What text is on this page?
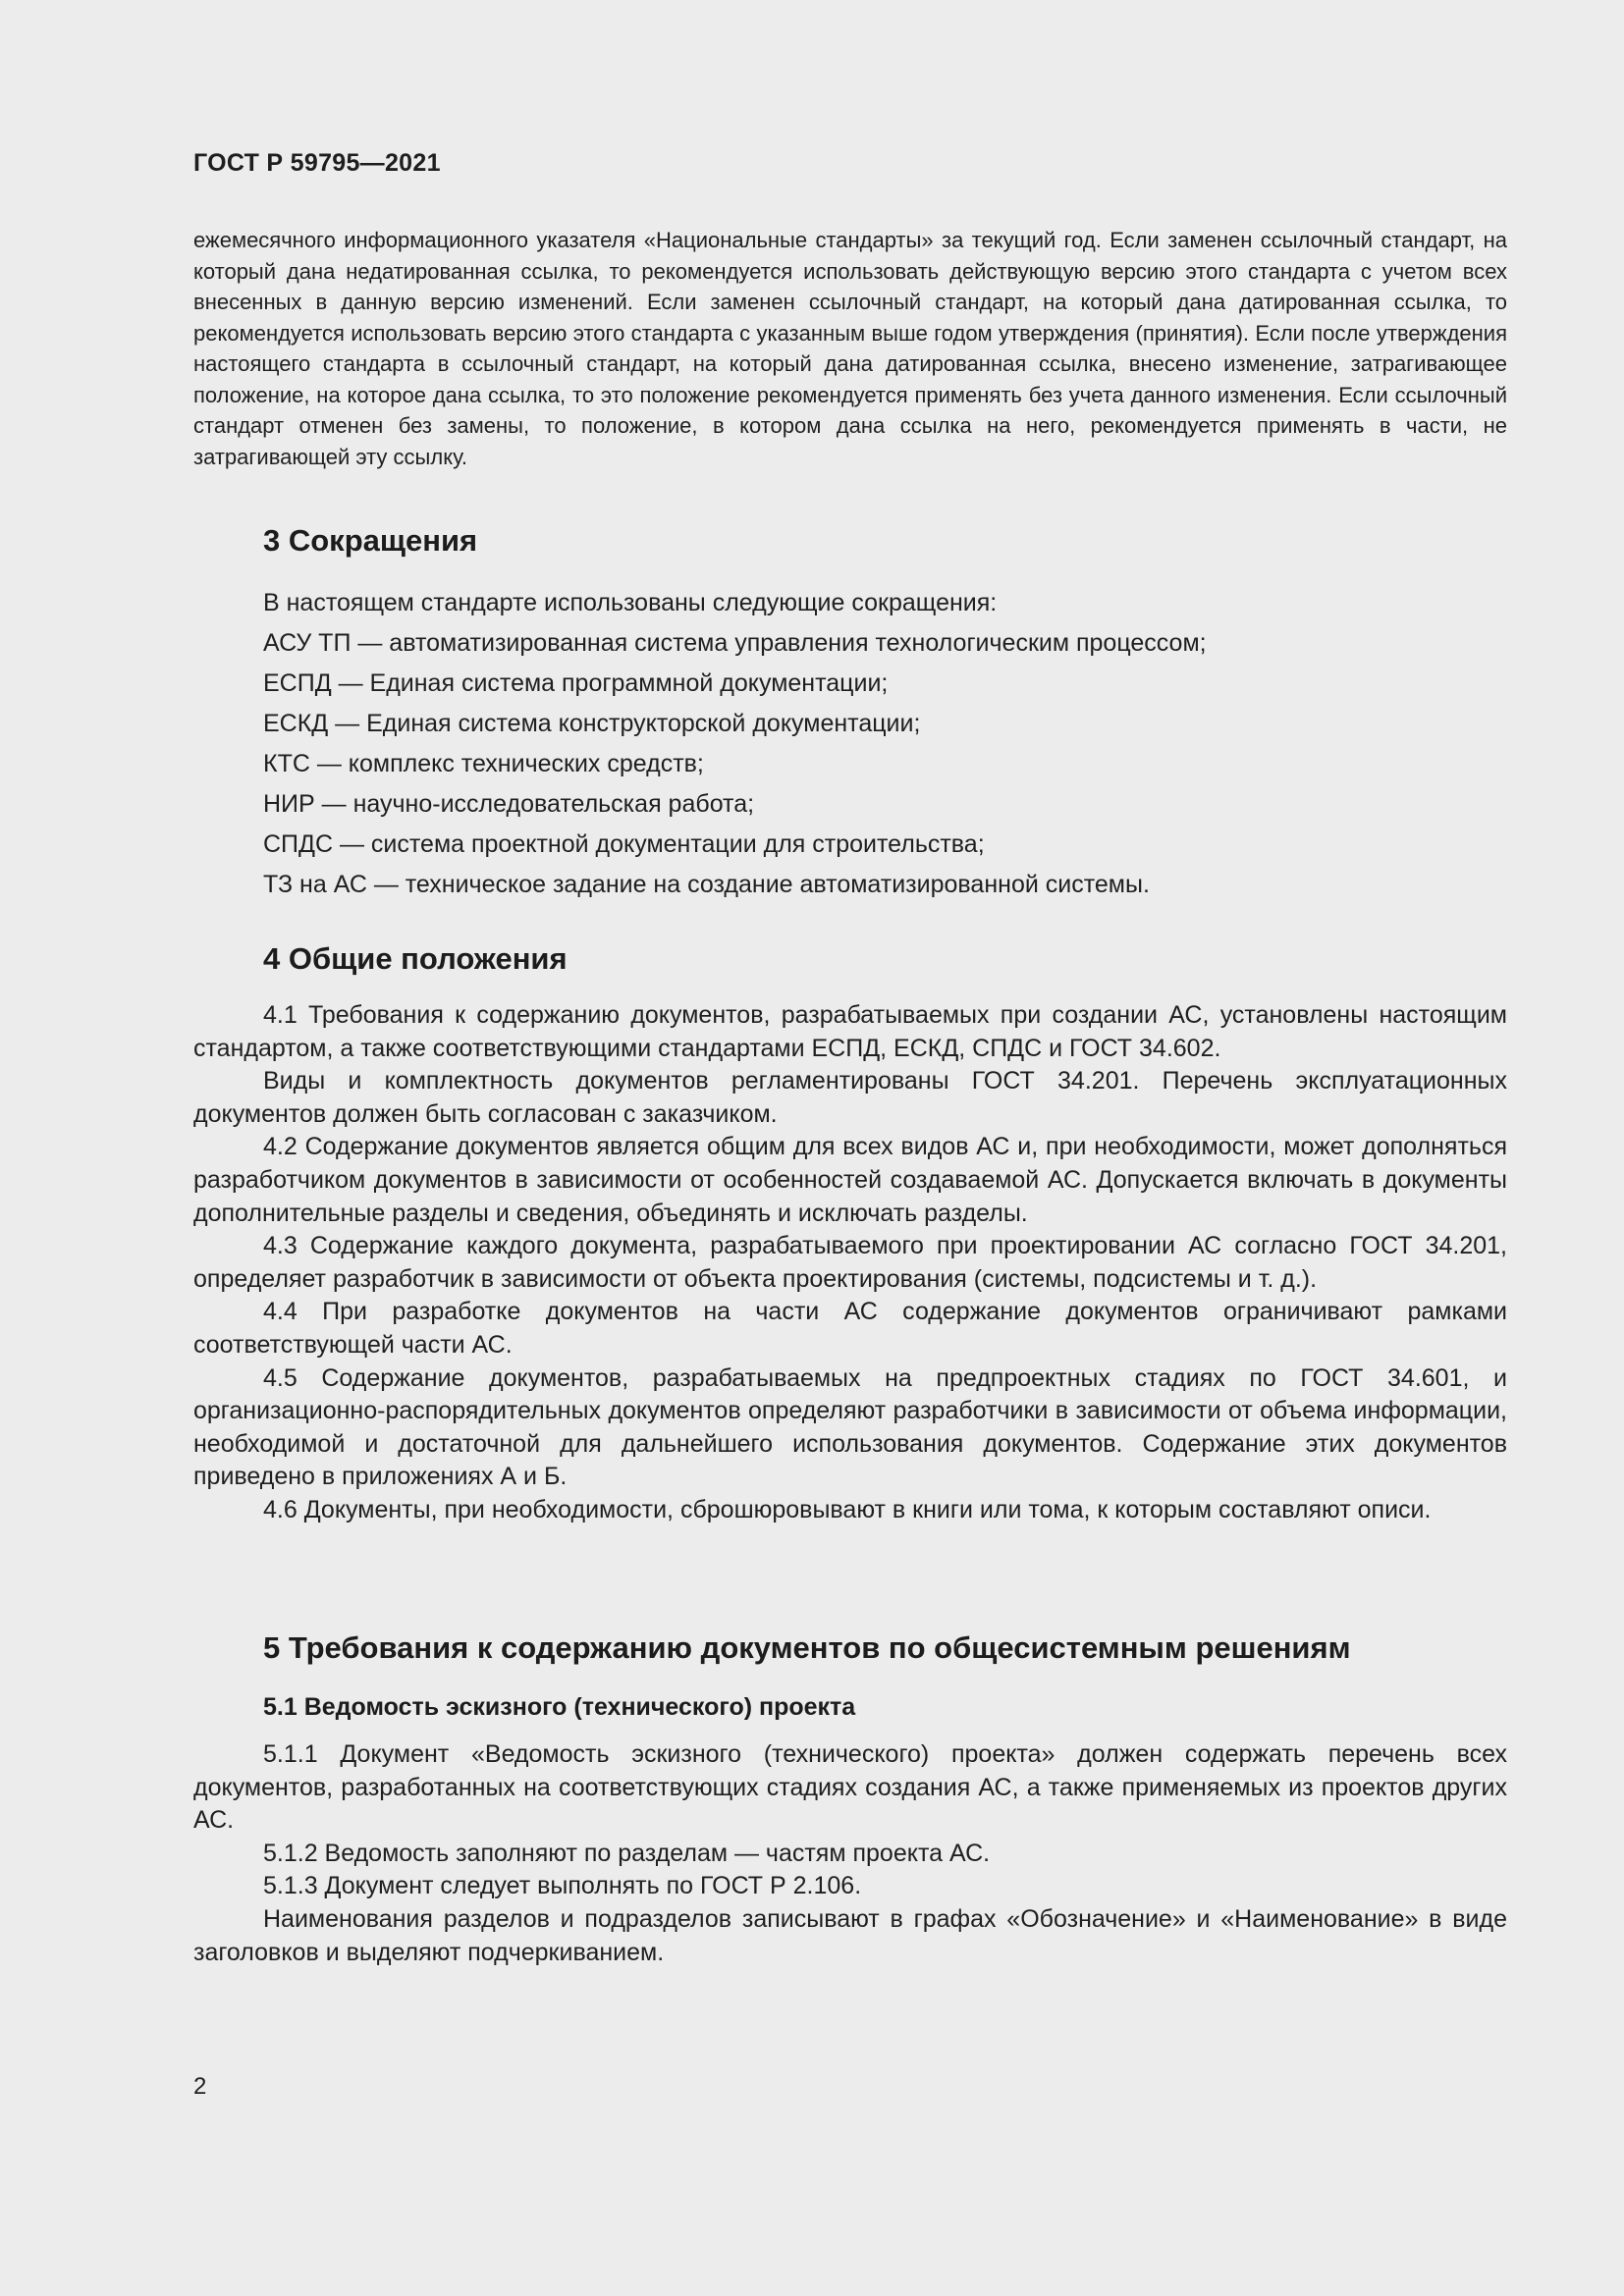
ГОСТ Р 59795—2021
ежемесячного информационного указателя «Национальные стандарты» за текущий год. Если заменен ссылочный стандарт, на который дана недатированная ссылка, то рекомендуется использовать действующую версию этого стандарта с учетом всех внесенных в данную версию изменений. Если заменен ссылочный стандарт, на который дана датированная ссылка, то рекомендуется использовать версию этого стандарта с указанным выше годом утверждения (принятия). Если после утверждения настоящего стандарта в ссылочный стандарт, на который дана датированная ссылка, внесено изменение, затрагивающее положение, на которое дана ссылка, то это положение рекомендуется применять без учета данного изменения. Если ссылочный стандарт отменен без замены, то положение, в котором дана ссылка на него, рекомендуется применять в части, не затрагивающей эту ссылку.
3 Сокращения
В настоящем стандарте использованы следующие сокращения:
АСУ ТП — автоматизированная система управления технологическим процессом;
ЕСПД — Единая система программной документации;
ЕСКД — Единая система конструкторской документации;
КТС — комплекс технических средств;
НИР — научно-исследовательская работа;
СПДС — система проектной документации для строительства;
ТЗ на АС — техническое задание на создание автоматизированной системы.
4 Общие положения

4.1 Требования к содержанию документов, разрабатываемых при создании АС, установлены настоящим стандартом, а также соответствующими стандартами ЕСПД, ЕСКД, СПДС и ГОСТ 34.602.

Виды и комплектность документов регламентированы ГОСТ 34.201. Перечень эксплуатационных документов должен быть согласован с заказчиком.

4.2 Содержание документов является общим для всех видов АС и, при необходимости, может дополняться разработчиком документов в зависимости от особенностей создаваемой АС. Допускается включать в документы дополнительные разделы и сведения, объединять и исключать разделы.

4.3 Содержание каждого документа, разрабатываемого при проектировании АС согласно ГОСТ 34.201, определяет разработчик в зависимости от объекта проектирования (системы, подсистемы и т. д.).

4.4 При разработке документов на части АС содержание документов ограничивают рамками соответствующей части АС.

4.5 Содержание документов, разрабатываемых на предпроектных стадиях по ГОСТ 34.601, и организационно-распорядительных документов определяют разработчики в зависимости от объема информации, необходимой и достаточной для дальнейшего использования документов. Содержание этих документов приведено в приложениях А и Б.

4.6 Документы, при необходимости, сброшюровывают в книги или тома, к которым составляют описи.

5 Требования к содержанию документов по общесистемным решениям
5.1 Ведомость эскизного (технического) проекта

5.1.1 Документ «Ведомость эскизного (технического) проекта» должен содержать перечень всех документов, разработанных на соответствующих стадиях создания АС, а также применяемых из проектов других АС.

5.1.2 Ведомость заполняют по разделам — частям проекта АС.

5.1.3 Документ следует выполнять по ГОСТ Р 2.106.

Наименования разделов и подразделов записывают в графах «Обозначение» и «Наименование» в виде заголовков и выделяют подчеркиванием.

2
